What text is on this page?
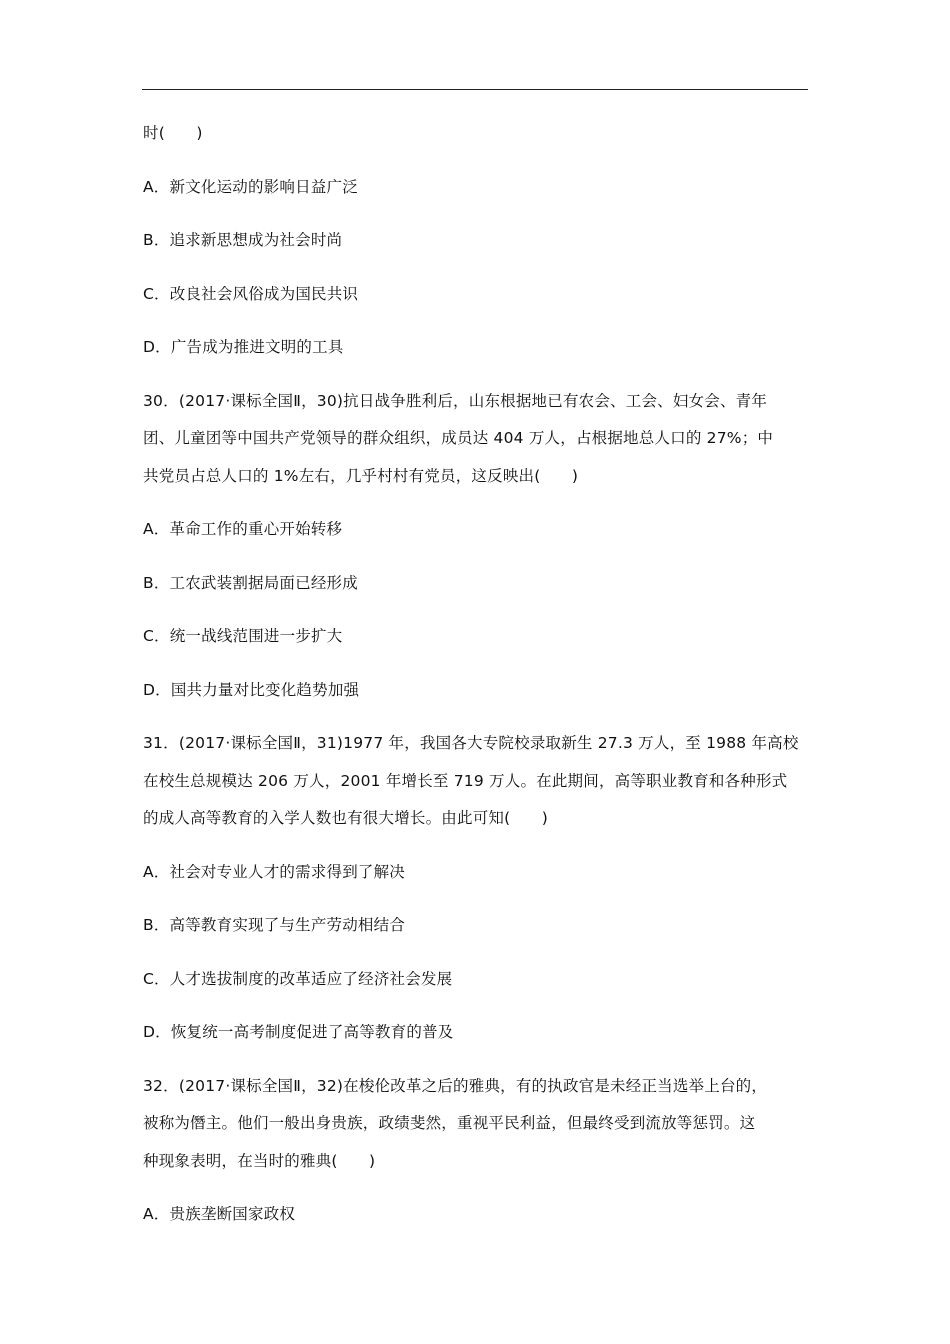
时(　　)
A．新文化运动的影响日益广泛
B．追求新思想成为社会时尚
C．改良社会风俗成为国民共识
D．广告成为推进文明的工具
30．(2017·课标全国Ⅱ，30)抗日战争胜利后，山东根据地已有农会、工会、妇女会、青年
团、儿童团等中国共产党领导的群众组织，成员达 404 万人，占根据地总人口的 27%；中
共党员占总人口的 1%左右，几乎村村有党员，这反映出(　　)
A．革命工作的重心开始转移
B．工农武装割据局面已经形成
C．统一战线范围进一步扩大
D．国共力量对比变化趋势加强
31．(2017·课标全国Ⅱ，31)1977 年，我国各大专院校录取新生 27.3 万人，至 1988 年高校
在校生总规模达 206 万人，2001 年增长至 719 万人。在此期间，高等职业教育和各种形式
的成人高等教育的入学人数也有很大增长。由此可知(　　)
A．社会对专业人才的需求得到了解决
B．高等教育实现了与生产劳动相结合
C．人才选拔制度的改革适应了经济社会发展
D．恢复统一高考制度促进了高等教育的普及
32．(2017·课标全国Ⅱ，32)在梭伦改革之后的雅典，有的执政官是未经正当选举上台的，
被称为僭主。他们一般出身贵族，政绩斐然，重视平民利益，但最终受到流放等惩罚。这
种现象表明，在当时的雅典(　　)
A．贵族垄断国家政权
